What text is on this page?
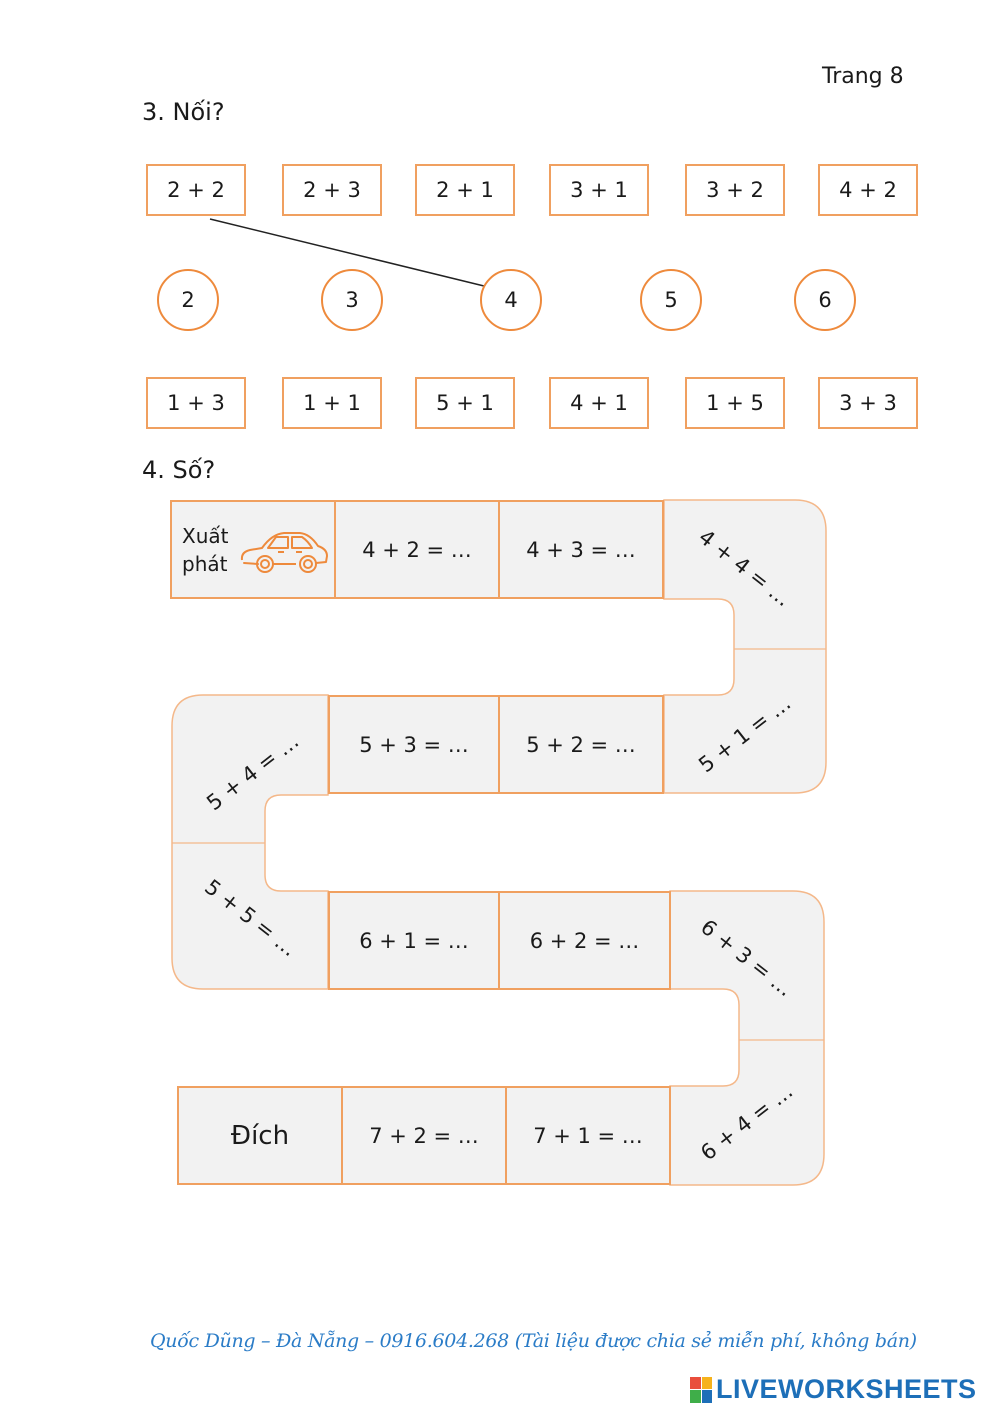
Trang 8
3. Nối?
2 + 2	2 + 3	2 + 1	3 + 1	3 + 2	4 + 2
2	3	4	5	6
1 + 3	1 + 1	5 + 1	4 + 1	1 + 5	3 + 3
4. Số?
Xuất
phát
4 + 2 = …	4 + 3 = …	4 + 4 = …
5 + 1 = …
5 + 2 = …
5 + 3 = …
5 + 4 = …
5 + 5 = …	6 + 1 = …	6 + 2 = …	6 + 3 = …
6 + 4 = …
7 + 1 = …
7 + 2 = …
Đích
Quốc Dũng – Đà Nẵng – 0916.604.268 (Tài liệu được chia sẻ miễn phí, không bán)
LIVEWORKSHEETS
